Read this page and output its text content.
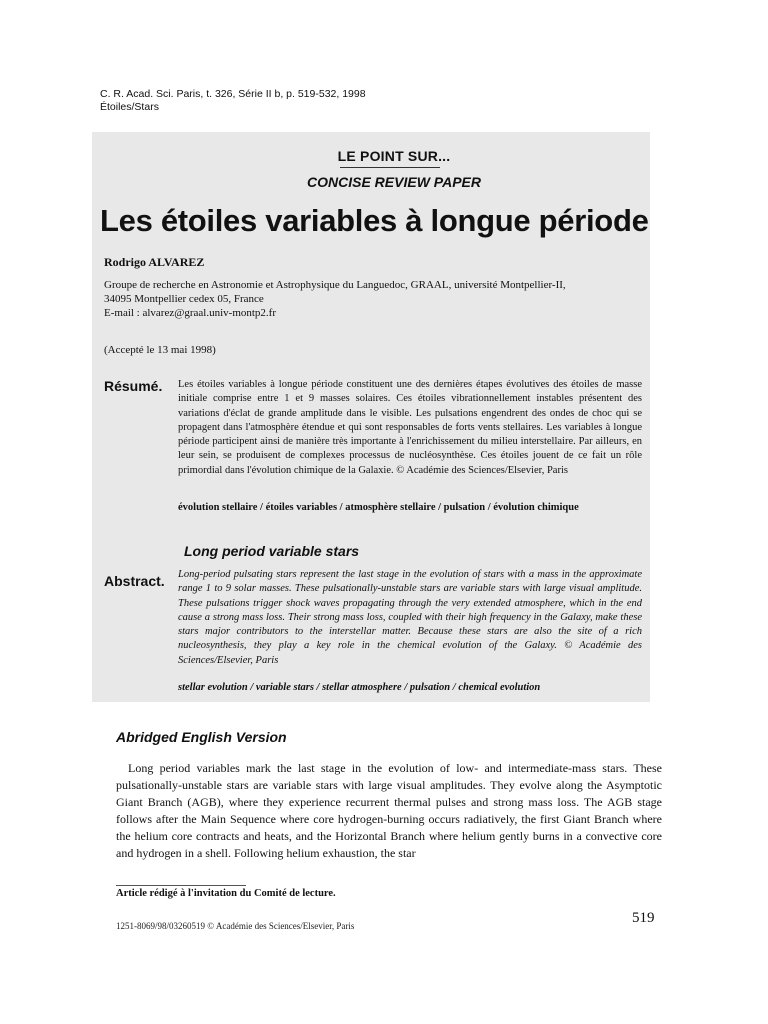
C. R. Acad. Sci. Paris, t. 326, Série II b, p. 519-532, 1998
Étoiles/Stars
LE POINT SUR...
CONCISE REVIEW PAPER
Les étoiles variables à longue période
Rodrigo ALVAREZ
Groupe de recherche en Astronomie et Astrophysique du Languedoc, GRAAL, université Montpellier-II,
34095 Montpellier cedex 05, France
E-mail : alvarez@graal.univ-montp2.fr
(Accepté le 13 mai 1998)
Résumé. Les étoiles variables à longue période constituent une des dernières étapes évolutives des étoiles de masse initiale comprise entre 1 et 9 masses solaires. Ces étoiles vibrationnellement instables présentent des variations d'éclat de grande amplitude dans le visible. Les pulsations engendrent des ondes de choc qui se propagent dans l'atmosphère étendue et qui sont responsables de forts vents stellaires. Les variables à longue période participent ainsi de manière très importante à l'enrichissement du milieu interstellaire. Par ailleurs, en leur sein, se produisent de complexes processus de nucléosynthèse. Ces étoiles jouent de ce fait un rôle primordial dans l'évolution chimique de la Galaxie. © Académie des Sciences/Elsevier, Paris
évolution stellaire / étoiles variables / atmosphère stellaire / pulsation / évolution chimique
Long period variable stars
Abstract. Long-period pulsating stars represent the last stage in the evolution of stars with a mass in the approximate range 1 to 9 solar masses. These pulsationally-unstable stars are variable stars with large visual amplitude. These pulsations trigger shock waves propagating through the very extended atmosphere, which in the end cause a strong mass loss. Their strong mass loss, coupled with their high frequency in the Galaxy, make these stars major contributors to the interstellar matter. Because these stars are also the site of a rich nucleosynthesis, they play a key role in the chemical evolution of the Galaxy. © Académie des Sciences/Elsevier, Paris
stellar evolution / variable stars / stellar atmosphere / pulsation / chemical evolution
Abridged English Version
Long period variables mark the last stage in the evolution of low- and intermediate-mass stars. These pulsationally-unstable stars are variable stars with large visual amplitudes. They evolve along the Asymptotic Giant Branch (AGB), where they experience recurrent thermal pulses and strong mass loss. The AGB stage follows after the Main Sequence where core hydrogen-burning occurs radiatively, the first Giant Branch where the helium core contracts and heats, and the Horizontal Branch where helium gently burns in a convective core and hydrogen in a shell. Following helium exhaustion, the star
Article rédigé à l'invitation du Comité de lecture.
519
1251-8069/98/03260519 © Académie des Sciences/Elsevier, Paris
